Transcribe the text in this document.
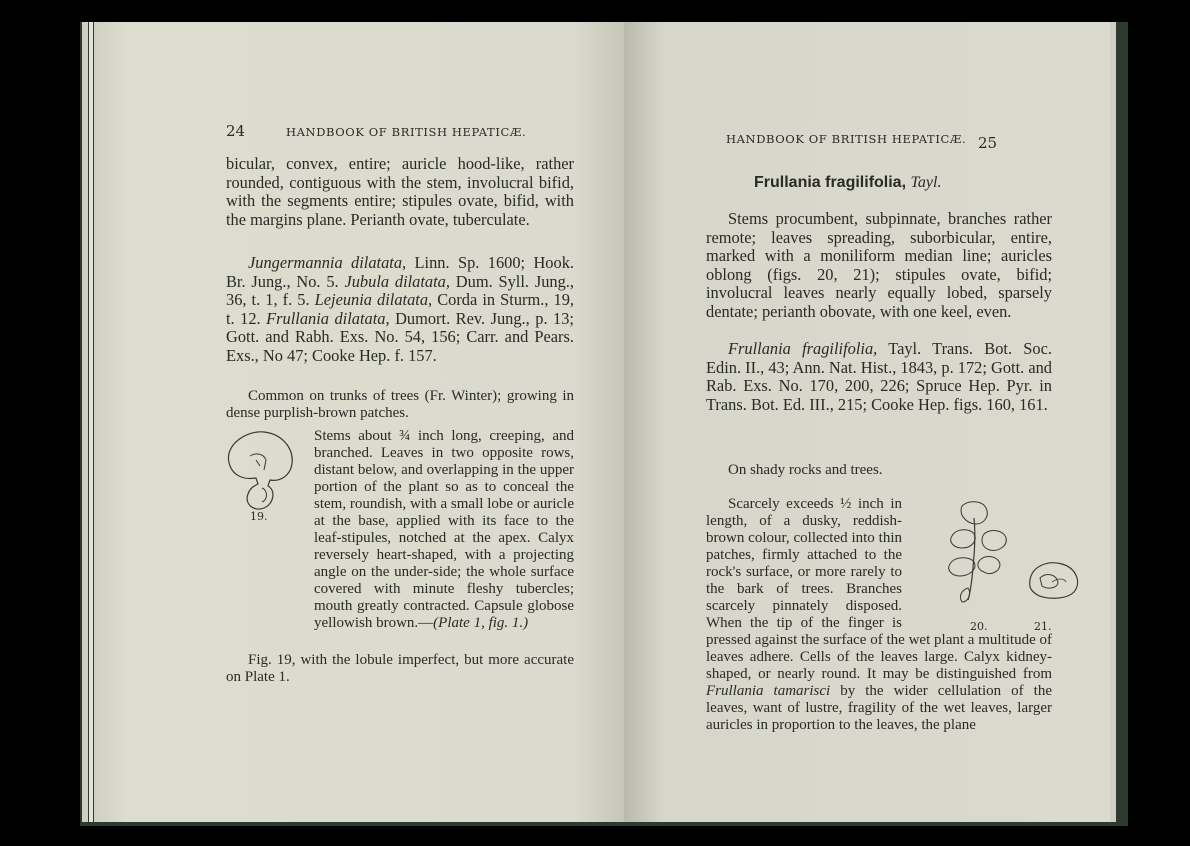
24	HANDBOOK OF BRITISH HEPATICÆ.

bicular, convex, entire; auricle hood-like, rather rounded, contiguous with the stem, involucral bifid, with the segments entire; stipules ovate, bifid, with the margins plane. Perianth ovate, tuberculate.

Jungermannia dilatata, Linn. Sp. 1600; Hook. Br. Jung., No. 5. Jubula dilatata, Dum. Syll. Jung., 36, t. 1, f. 5. Lejeunia dilatata, Corda in Sturm., 19, t. 12. Frullania dilatata, Dumort. Rev. Jung., p. 13; Gott. and Rabh. Exs. No. 54, 156; Carr. and Pears. Exs., No 47; Cooke Hep. f. 157.

Common on trunks of trees (Fr. Winter); growing in dense purplish-brown patches.

19.

Stems about ¾ inch long, creeping, and branched. Leaves in two opposite rows, distant below, and overlapping in the upper portion of the plant so as to conceal the stem, roundish, with a small lobe or auricle at the base, applied with its face to the leaf-stipules, notched at the apex. Calyx reversely heart-shaped, with a projecting angle on the under-side; the whole surface covered with minute fleshy tubercles; mouth greatly contracted. Capsule globose yellowish brown.—(Plate 1, fig. 1.)

Fig. 19, with the lobule imperfect, but more accurate on Plate 1.

HANDBOOK OF BRITISH HEPATICÆ. 25
Frullania fragilifolia, Tayl.

Stems procumbent, subpinnate, branches rather remote; leaves spreading, suborbicular, entire, marked with a moniliform median line; auricles oblong (figs. 20, 21); stipules ovate, bifid; involucral leaves nearly equally lobed, sparsely dentate; perianth obovate, with one keel, even.

Frullania fragilifolia, Tayl. Trans. Bot. Soc. Edin. II., 43; Ann. Nat. Hist., 1843, p. 172; Gott. and Rab. Exs. No. 170, 200, 226; Spruce Hep. Pyr. in Trans. Bot. Ed. III., 215; Cooke Hep. figs. 160, 161.

On shady rocks and trees.

20.	21.

Scarcely exceeds ½ inch in length, of a dusky, reddish-brown colour, collected into thin patches, firmly attached to the rock's surface, or more rarely to the bark of trees. Branches scarcely pinnately disposed. When the tip of the finger is pressed against the surface of the wet plant a multitude of leaves adhere. Cells of the leaves large. Calyx kidney-shaped, or nearly round. It may be distinguished from Frullania tamarisci by the wider cellulation of the leaves, want of lustre, fragility of the wet leaves, larger auricles in proportion to the leaves, the plane
